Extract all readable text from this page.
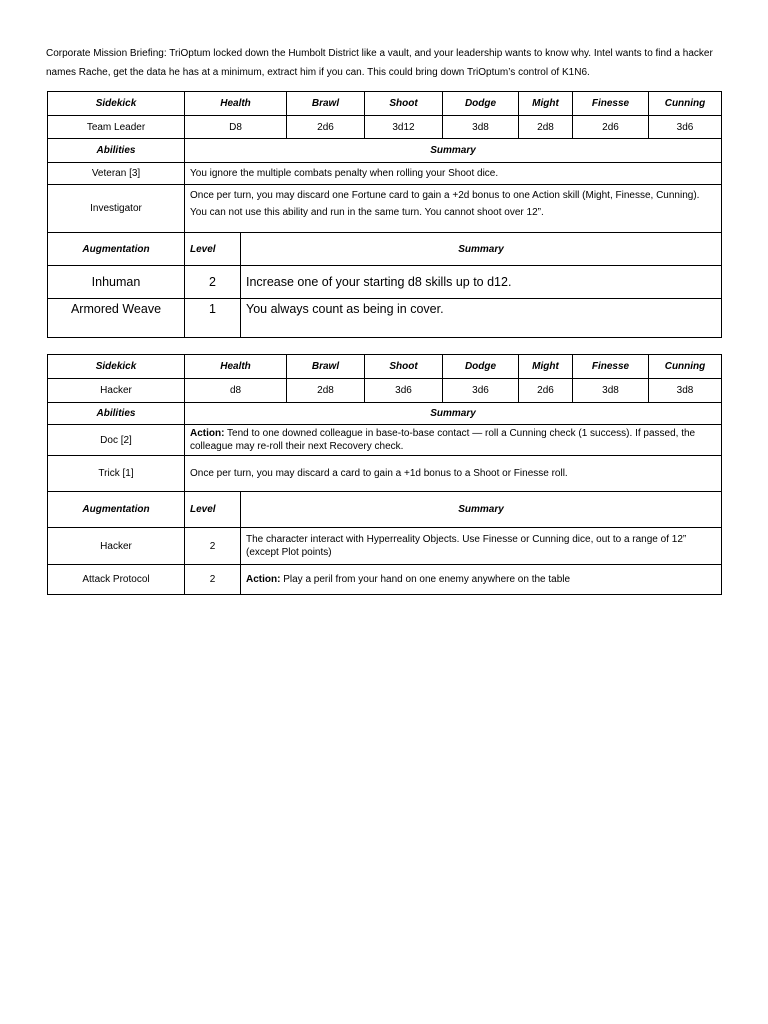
Corporate Mission Briefing: TriOptum locked down the Humbolt District like a vault, and your leadership wants to know why. Intel wants to find a hacker names Rache, get the data he has at a minimum, extract him if you can. This could bring down TriOptum’s control of K1N6.
Sidekick	Health		Brawl	Shoot	Dodge	Might	Finesse	Cunning
Team Leader	D8		2d6	3d12	3d8	2d8	2d6	3d6
Abilities	Summary							
Veteran [3]	You ignore the multiple combats penalty when rolling your Shoot dice.							
Investigator	Once per turn, you may discard one Fortune card to gain a +2d bonus to one Action skill (Might, Finesse, Cunning). You can not use this ability and run in the same turn. You cannot shoot over 12”.							
Augmentation	Level	Summary						
Inhuman	2	Increase one of your starting d8 skills up to d12.						
Armored Weave	1	You always count as being in cover.						
Sidekick	Health		Brawl	Shoot	Dodge	Might	Finesse	Cunning
Hacker	d8		2d8	3d6	3d6	2d6	3d8	3d8
Abilities	Summary							
Doc [2]	Action: Tend to one downed colleague in base-to-base contact — roll a Cunning check (1 success). If passed, the colleague may re-roll their next Recovery check.							
Trick [1]	Once per turn, you may discard a card to gain a +1d bonus to a Shoot or Finesse roll.							
Augmentation	Level	Summary						
Hacker	2	The character interact with Hyperreality Objects. Use Finesse or Cunning dice, out to a range of 12” (except Plot points)						
Attack Protocol	2	Action: Play a peril from your hand on one enemy anywhere on the table						
